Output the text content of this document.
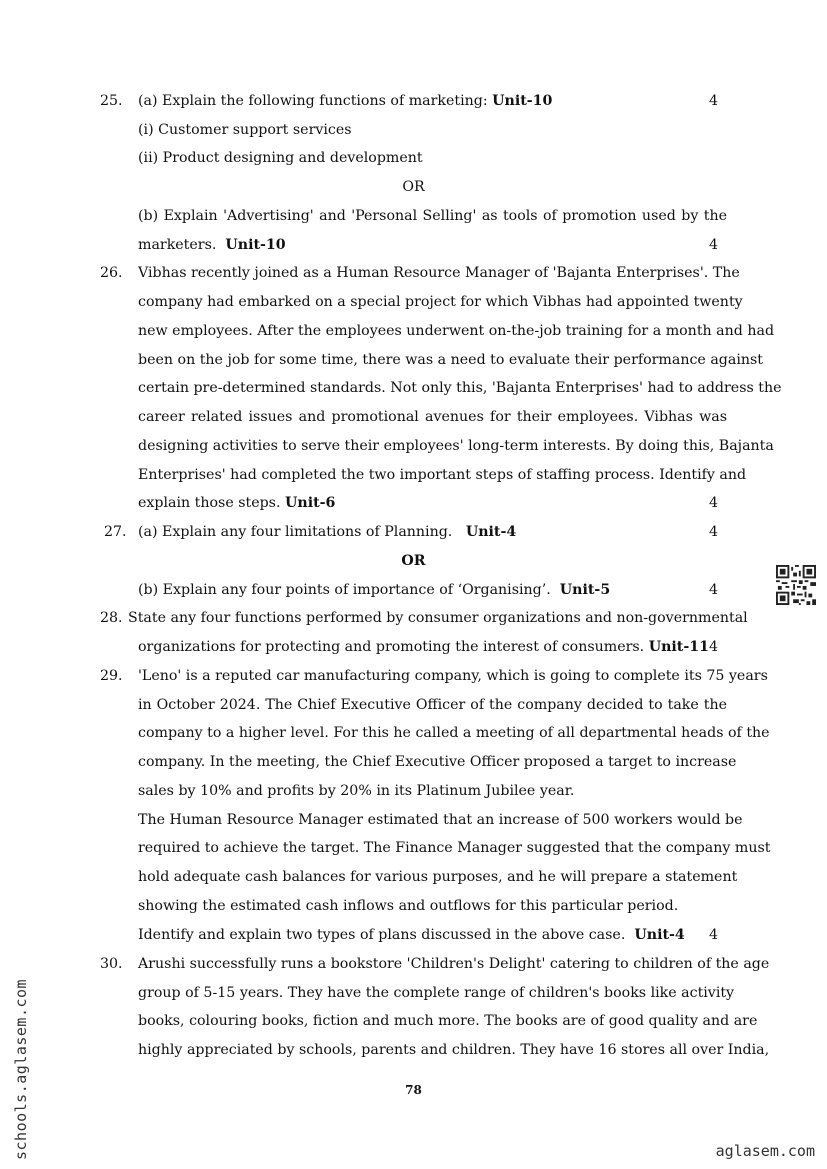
25. (a) Explain the following functions of marketing: Unit-10	4
(i) Customer support services
(ii) Product designing and development
OR
(b) Explain 'Advertising' and 'Personal Selling' as tools of promotion used by the
marketers. Unit-10	4
26. Vibhas recently joined as a Human Resource Manager of 'Bajanta Enterprises'. The
company had embarked on a special project for which Vibhas had appointed twenty
new employees. After the employees underwent on-the-job training for a month and had
been on the job for some time, there was a need to evaluate their performance against
certain pre-determined standards. Not only this, 'Bajanta Enterprises' had to address the
career related issues and promotional avenues for their employees. Vibhas was
designing activities to serve their employees' long-term interests. By doing this, Bajanta
Enterprises' had completed the two important steps of staffing process. Identify and
explain those steps. Unit-6	4
27. (a) Explain any four limitations of Planning. Unit-4	4
OR
(b) Explain any four points of importance of ‘Organising’. Unit-5	4
28. State any four functions performed by consumer organizations and non-governmental
organizations for protecting and promoting the interest of consumers. Unit-11 4
29. 'Leno' is a reputed car manufacturing company, which is going to complete its 75 years
in October 2024. The Chief Executive Officer of the company decided to take the
company to a higher level. For this he called a meeting of all departmental heads of the
company. In the meeting, the Chief Executive Officer proposed a target to increase
sales by 10% and profits by 20% in its Platinum Jubilee year.
The Human Resource Manager estimated that an increase of 500 workers would be
required to achieve the target. The Finance Manager suggested that the company must
hold adequate cash balances for various purposes, and he will prepare a statement
showing the estimated cash inflows and outflows for this particular period.
Identify and explain two types of plans discussed in the above case. Unit-4 4
30. Arushi successfully runs a bookstore 'Children's Delight' catering to children of the age
group of 5-15 years. They have the complete range of children's books like activity
books, colouring books, fiction and much more. The books are of good quality and are
highly appreciated by schools, parents and children. They have 16 stores all over India,
78
schools.aglasem.com	aglasem.com
